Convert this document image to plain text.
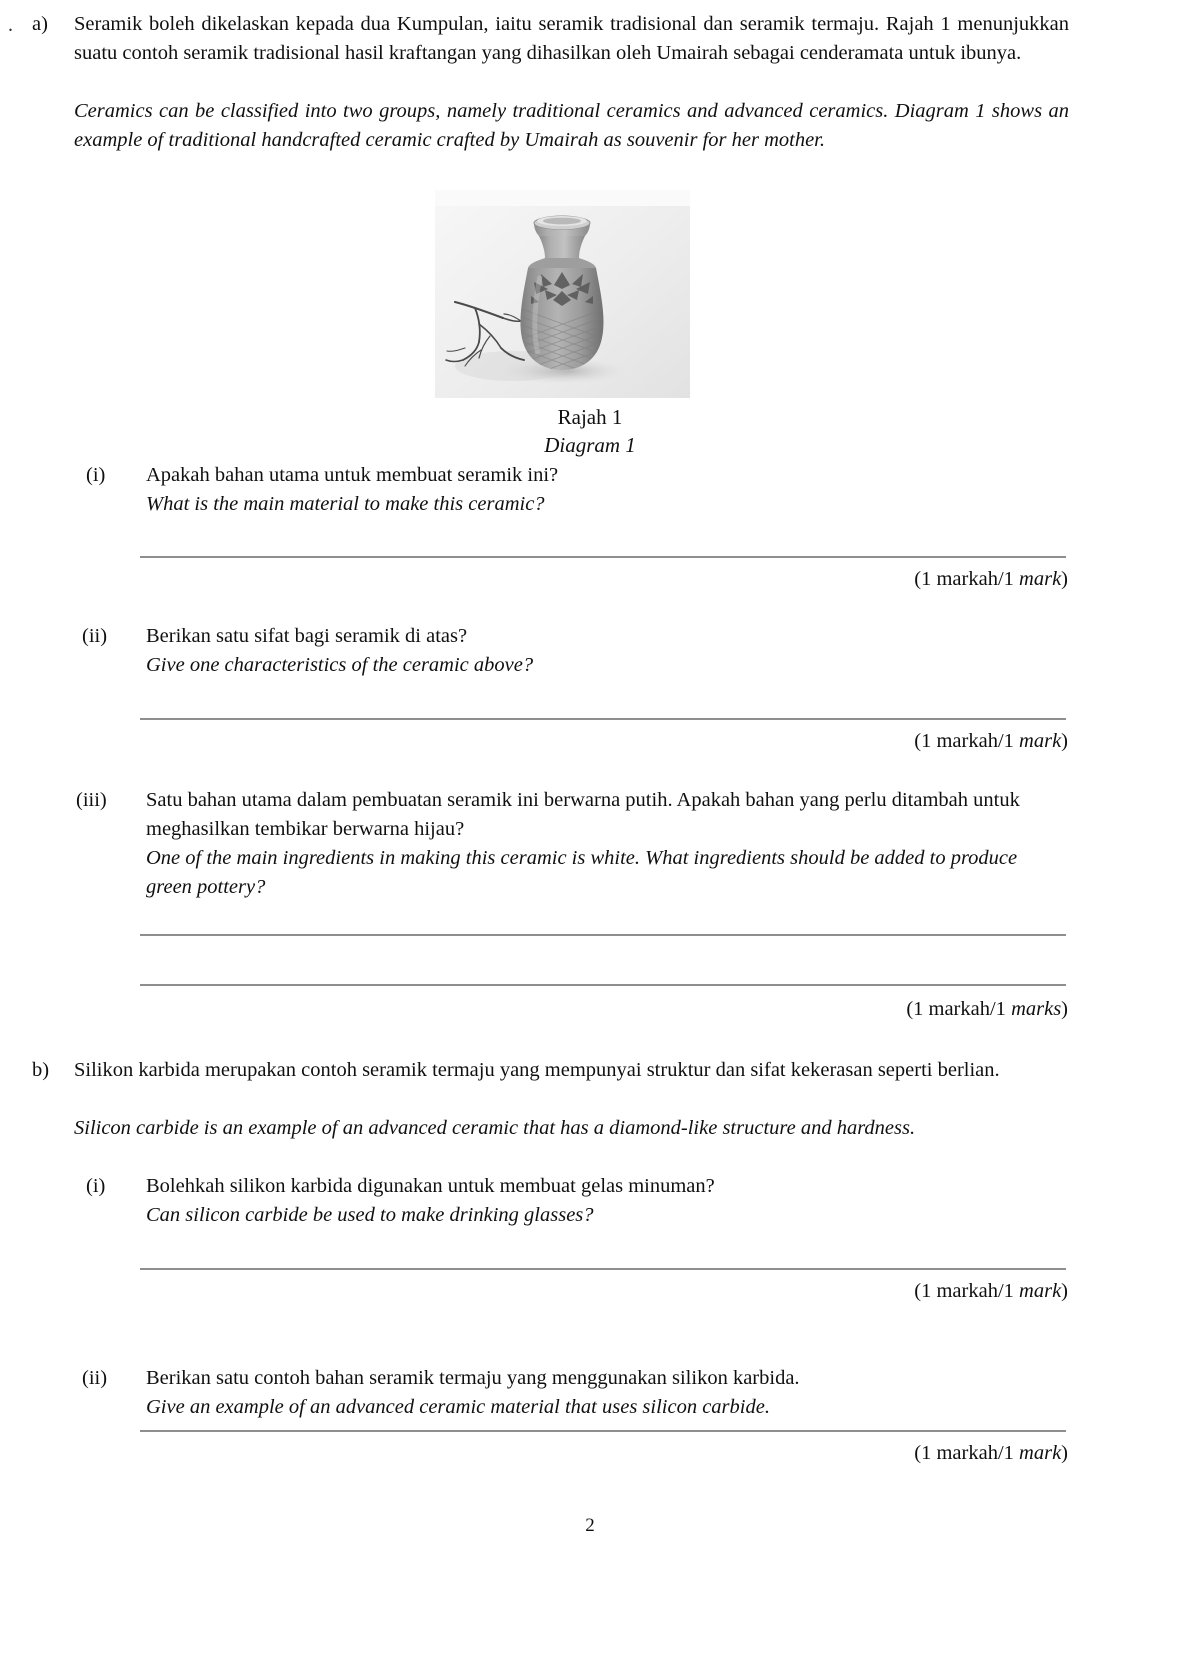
. a) Seramik boleh dikelaskan kepada dua Kumpulan, iaitu seramik tradisional dan seramik termaju. Rajah 1 menunjukkan suatu contoh seramik tradisional hasil kraftangan yang dihasilkan oleh Umairah sebagai cenderamata untuk ibunya.
Ceramics can be classified into two groups, namely traditional ceramics and advanced ceramics. Diagram 1 shows an example of traditional handcrafted ceramic crafted by Umairah as souvenir for her mother.
Rajah 1
Diagram 1
(i) Apakah bahan utama untuk membuat seramik ini?
What is the main material to make this ceramic?
(1 markah/1 mark)
(ii) Berikan satu sifat bagi seramik di atas?
Give one characteristics of the ceramic above?
(1 markah/1 mark)
(iii) Satu bahan utama dalam pembuatan seramik ini berwarna putih. Apakah bahan yang perlu ditambah untuk meghasilkan tembikar berwarna hijau?
One of the main ingredients in making this ceramic is white. What ingredients should be added to produce green pottery?
(1 markah/1 marks)
b) Silikon karbida merupakan contoh seramik termaju yang mempunyai struktur dan sifat kekerasan seperti berlian.
Silicon carbide is an example of an advanced ceramic that has a diamond-like structure and hardness.
(i) Bolehkah silikon karbida digunakan untuk membuat gelas minuman?
Can silicon carbide be used to make drinking glasses?
(1 markah/1 mark)
(ii) Berikan satu contoh bahan seramik termaju yang menggunakan silikon karbida.
Give an example of an advanced ceramic material that uses silicon carbide.
(1 markah/1 mark)
2
